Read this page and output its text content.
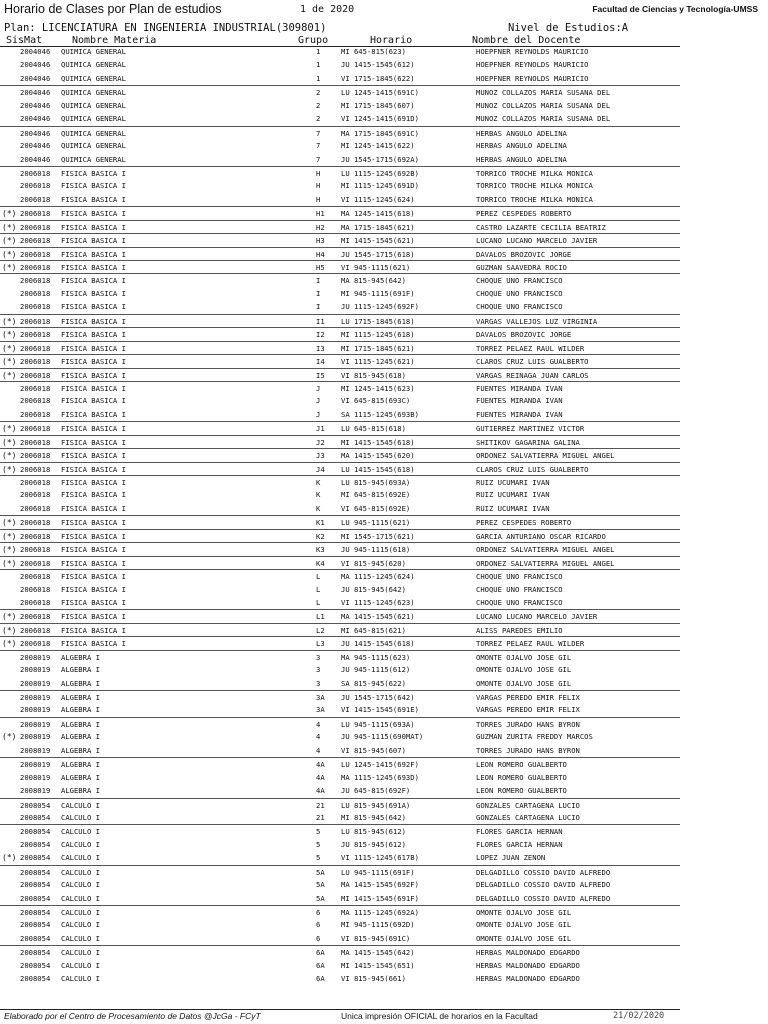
Horario de Clases por Plan de estudios	1 de 2020	Facultad de Ciencias y Tecnología-UMSS
Plan: LICENCIATURA EN INGENIERIA INDUSTRIAL(309801)	Nivel de Estudios:A
SisMat	Nombre Materia	Grupo	Horario	Nombre del Docente
2004046 QUIMICA GENERAL	1	MI 645-815(623)	HOEPFNER REYNOLDS MAURICIO
2004046 QUIMICA GENERAL	1	JU 1415-1545(612)	HOEPFNER REYNOLDS MAURICIO
2004046 QUIMICA GENERAL	1	VI 1715-1845(622)	HOEPFNER REYNOLDS MAURICIO
2004046 QUIMICA GENERAL	2	LU 1245-1415(691C)	MUNOZ COLLAZOS MARIA SUSANA DEL
2004046 QUIMICA GENERAL	2	MI 1715-1845(607)	MUNOZ COLLAZOS MARIA SUSANA DEL
2004046 QUIMICA GENERAL	2	VI 1245-1415(691D)	MUNOZ COLLAZOS MARIA SUSANA DEL
2004046 QUIMICA GENERAL	7	MA 1715-1845(691C)	HERBAS ANGULO ADELINA
2004046 QUIMICA GENERAL	7	MI 1245-1415(622)	HERBAS ANGULO ADELINA
2004046 QUIMICA GENERAL	7	JU 1545-1715(692A)	HERBAS ANGULO ADELINA
2006018 FISICA BASICA I	H	LU 1115-1245(692B)	TORRICO TROCHE MILKA MONICA
2006018 FISICA BASICA I	H	MI 1115-1245(691D)	TORRICO TROCHE MILKA MONICA
2006018 FISICA BASICA I	H	VI 1115-1245(624)	TORRICO TROCHE MILKA MONICA
(*) 2006018 FISICA BASICA I	H1 MA 1245-1415(618)	PEREZ CESPEDES ROBERTO
(*) 2006018 FISICA BASICA I	H2 MA 1715-1845(621)	CASTRO LAZARTE CECILIA BEATRIZ
(*) 2006018 FISICA BASICA I	H3 MI 1415-1545(621)	LUCANO LUCANO MARCELO JAVIER
(*) 2006018 FISICA BASICA I	H4 JU 1545-1715(618)	DAVALOS BROZOVIC JORGE
(*) 2006018 FISICA BASICA I	H5 VI 945-1115(621)	GUZMAN SAAVEDRA ROCIO
2006018 FISICA BASICA I	I	MA 815-945(642)	CHOQUE UNO FRANCISCO
2006018 FISICA BASICA I	I	MI 945-1115(691F)	CHOQUE UNO FRANCISCO
2006018 FISICA BASICA I	I	JU 1115-1245(692F)	CHOQUE UNO FRANCISCO
(*) 2006018 FISICA BASICA I	I1 LU 1715-1845(618)	VARGAS VALLEJOS LUZ VIRGINIA
(*) 2006018 FISICA BASICA I	I2 MI 1115-1245(618)	DAVALOS BROZOVIC JORGE
(*) 2006018 FISICA BASICA I	I3 MI 1715-1845(621)	TORREZ PELAEZ RAUL WILDER
(*) 2006018 FISICA BASICA I	I4 VI 1115-1245(621)	CLAROS CRUZ LUIS GUALBERTO
(*) 2006018 FISICA BASICA I	I5 VI 815-945(618)	VARGAS REINAGA JUAN CARLOS
2006018 FISICA BASICA I	J	MI 1245-1415(623)	FUENTES MIRANDA IVAN
2006018 FISICA BASICA I	J	VI 645-815(693C)	FUENTES MIRANDA IVAN
2006018 FISICA BASICA I	J	SA 1115-1245(693B)	FUENTES MIRANDA IVAN
(*) 2006018 FISICA BASICA I	J1 LU 645-815(618)	GUTIERREZ MARTINEZ VICTOR
(*) 2006018 FISICA BASICA I	J2 MI 1415-1545(618)	SHITIKOV GAGARINA GALINA
(*) 2006018 FISICA BASICA I	J3 MA 1415-1545(620)	ORDONEZ SALVATIERRA MIGUEL ANGEL
(*) 2006018 FISICA BASICA I	J4 LU 1415-1545(618)	CLAROS CRUZ LUIS GUALBERTO
2006018 FISICA BASICA I	K	LU 815-945(693A)	RUIZ UCUMARI IVAN
2006018 FISICA BASICA I	K	MI 645-815(692E)	RUIZ UCUMARI IVAN
2006018 FISICA BASICA I	K	VI 645-815(692E)	RUIZ UCUMARI IVAN
(*) 2006018 FISICA BASICA I	K1 LU 945-1115(621)	PEREZ CESPEDES ROBERTO
(*) 2006018 FISICA BASICA I	K2 MI 1545-1715(621)	GARCIA ANTURIANO OSCAR RICARDO
(*) 2006018 FISICA BASICA I	K3 JU 945-1115(618)	ORDONEZ SALVATIERRA MIGUEL ANGEL
(*) 2006018 FISICA BASICA I	K4 VI 815-945(620)	ORDONEZ SALVATIERRA MIGUEL ANGEL
2006018 FISICA BASICA I	L	MA 1115-1245(624)	CHOQUE UNO FRANCISCO
2006018 FISICA BASICA I	L	JU 815-945(642)	CHOQUE UNO FRANCISCO
2006018 FISICA BASICA I	L	VI 1115-1245(623)	CHOQUE UNO FRANCISCO
(*) 2006018 FISICA BASICA I	L1 MA 1415-1545(621)	LUCANO LUCANO MARCELO JAVIER
(*) 2006018 FISICA BASICA I	L2 MI 645-815(621)	ALISS PAREDES EMILIO
(*) 2006018 FISICA BASICA I	L3 JU 1415-1545(618)	TORREZ PELAEZ RAUL WILDER
2008019 ALGEBRA I	3	MA 945-1115(623)	OMONTE OJALVO JOSE GIL
2008019 ALGEBRA I	3	JU 945-1115(612)	OMONTE OJALVO JOSE GIL
2008019 ALGEBRA I	3	SA 815-945(622)	OMONTE OJALVO JOSE GIL
2008019 ALGEBRA I	3A JU 1545-1715(642)	VARGAS PEREDO EMIR FELIX
2008019 ALGEBRA I	3A VI 1415-1545(691E)	VARGAS PEREDO EMIR FELIX
2008019 ALGEBRA I	4	LU 945-1115(693A)	TORRES JURADO HANS BYRON
(*) 2008019 ALGEBRA I	4	JU 945-1115(690MAT)	GUZMAN ZURITA FREDDY MARCOS
2008019 ALGEBRA I	4	VI 815-945(607)	TORRES JURADO HANS BYRON
2008019 ALGEBRA I	4A LU 1245-1415(692F)	LEON ROMERO GUALBERTO
2008019 ALGEBRA I	4A MA 1115-1245(693D)	LEON ROMERO GUALBERTO
2008019 ALGEBRA I	4A JU 645-815(692F)	LEON ROMERO GUALBERTO
2008054 CALCULO I	21 LU 815-945(691A)	GONZALES CARTAGENA LUCIO
2008054 CALCULO I	21 MI 815-945(642)	GONZALES CARTAGENA LUCIO
2008054 CALCULO I	5	LU 815-945(612)	FLORES GARCIA HERNAN
2008054 CALCULO I	5	JU 815-945(612)	FLORES GARCIA HERNAN
(*) 2008054 CALCULO I	5	VI 1115-1245(617B)	LOPEZ JUAN ZENON
2008054 CALCULO I	5A LU 945-1115(691F)	DELGADILLO COSSIO DAVID ALFREDO
2008054 CALCULO I	5A MA 1415-1545(692F)	DELGADILLO COSSIO DAVID ALFREDO
2008054 CALCULO I	5A MI 1415-1545(691F)	DELGADILLO COSSIO DAVID ALFREDO
2008054 CALCULO I	6	MA 1115-1245(692A)	OMONTE OJALVO JOSE GIL
2008054 CALCULO I	6	MI 945-1115(692D)	OMONTE OJALVO JOSE GIL
2008054 CALCULO I	6	VI 815-945(691C)	OMONTE OJALVO JOSE GIL
2008054 CALCULO I	6A MA 1415-1545(642)	HERBAS MALDONADO EDGARDO
2008054 CALCULO I	6A MI 1415-1545(651)	HERBAS MALDONADO EDGARDO
2008054 CALCULO I	6A VI 815-945(661)	HERBAS MALDONADO EDGARDO
Elaborado por el Centro de Procesamiento de Datos @JcGa - FCyT	Unica impresión OFICIAL de horarios en la Facultad	21/02/2020
